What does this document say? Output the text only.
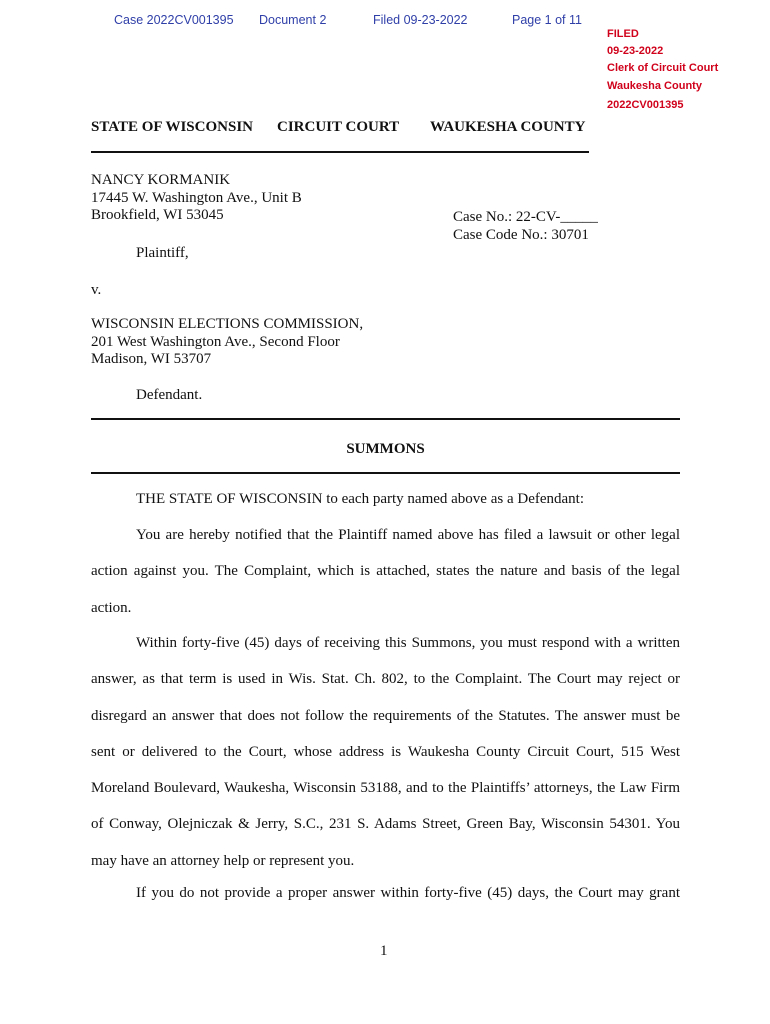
Case 2022CV001395 Document 2	Filed 09-23-2022	Page 1 of 11
FILED
09-23-2022
Clerk of Circuit Court
Waukesha County
2022CV001395
STATE OF WISCONSIN CIRCUIT COURT WAUKESHA COUNTY
NANCY KORMANIK
17445 W. Washington Ave., Unit B
Brookfield, WI 53045
Plaintiff,
Case No.: 22-CV-_____
Case Code No.: 30701
v.
WISCONSIN ELECTIONS COMMISSION,
201 West Washington Ave., Second Floor
Madison, WI 53707
Defendant.
SUMMONS
THE STATE OF WISCONSIN to each party named above as a Defendant:
You are hereby notified that the Plaintiff named above has filed a lawsuit or other legal action against you. The Complaint, which is attached, states the nature and basis of the legal action.
Within forty-five (45) days of receiving this Summons, you must respond with a written answer, as that term is used in Wis. Stat. Ch. 802, to the Complaint. The Court may reject or disregard an answer that does not follow the requirements of the Statutes. The answer must be sent or delivered to the Court, whose address is Waukesha County Circuit Court, 515 West Moreland Boulevard, Waukesha, Wisconsin 53188, and to the Plaintiffs’ attorneys, the Law Firm of Conway, Olejniczak & Jerry, S.C., 231 S. Adams Street, Green Bay, Wisconsin 54301. You may have an attorney help or represent you.
If you do not provide a proper answer within forty-five (45) days, the Court may grant
1
